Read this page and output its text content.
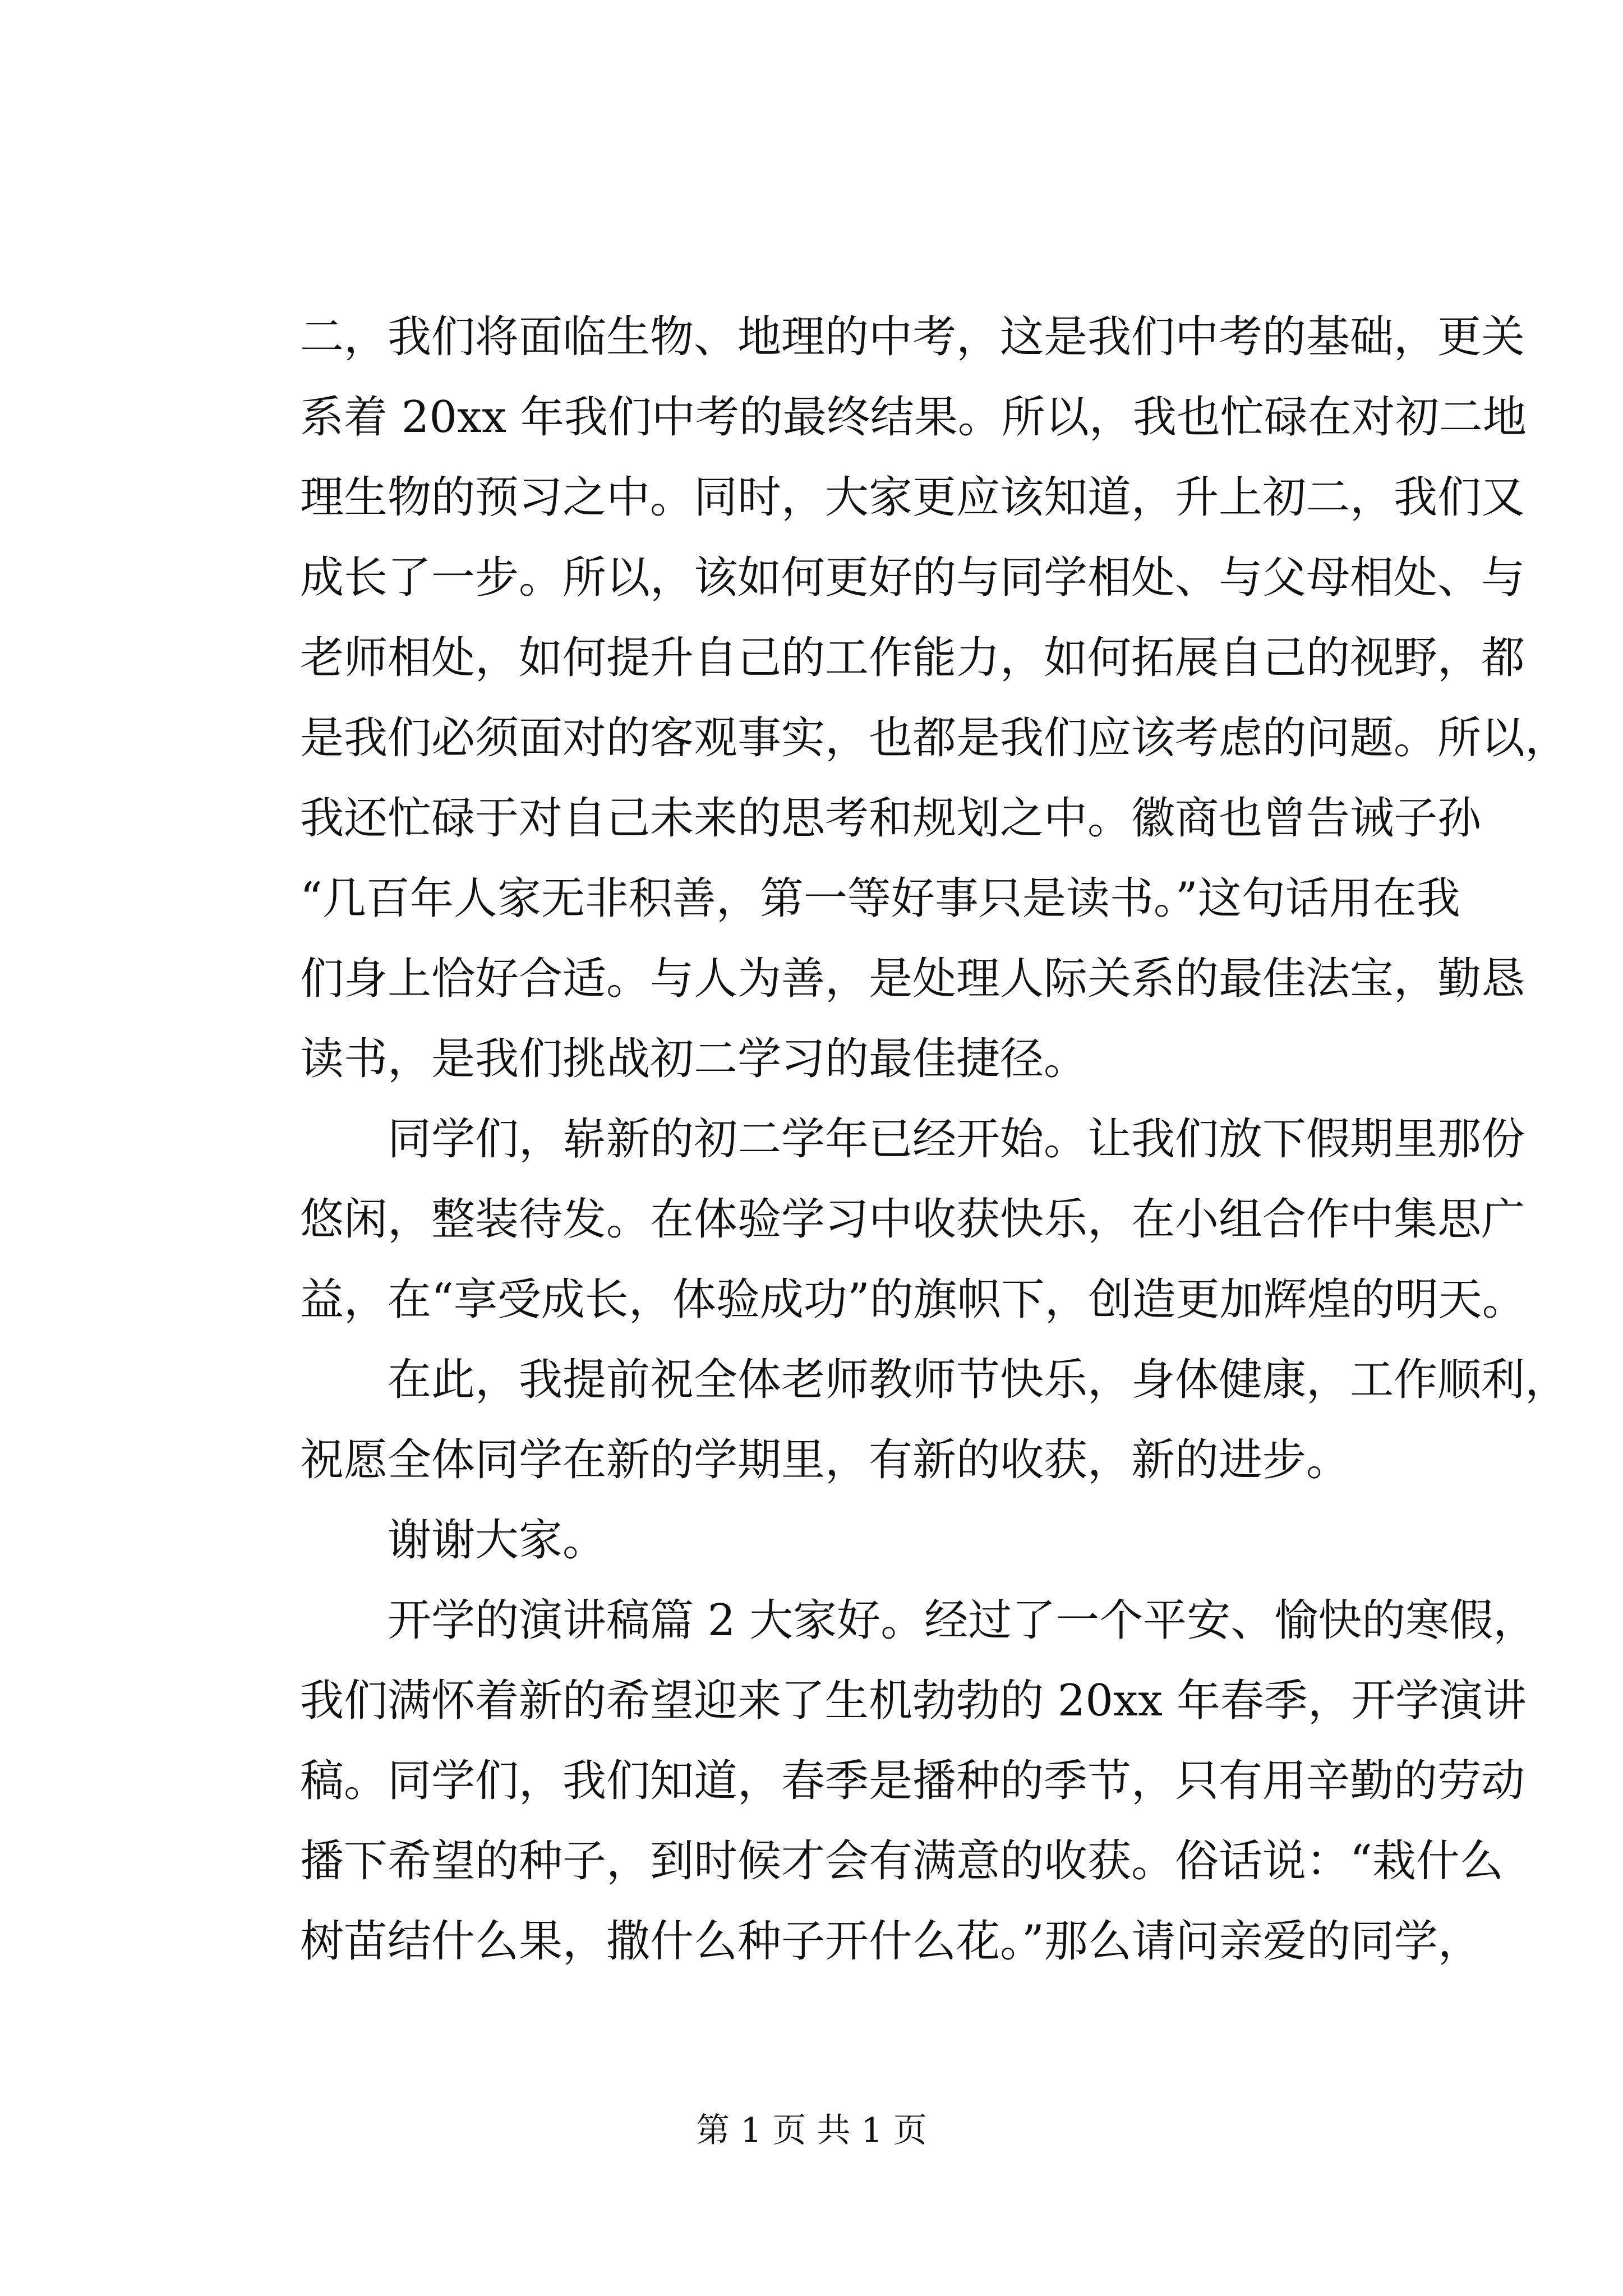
二，我们将面临生物、地理的中考，这是我们中考的基础，更关
系着 20xx 年我们中考的最终结果。所以，我也忙碌在对初二地
理生物的预习之中。同时，大家更应该知道，升上初二，我们又
成长了一步。所以，该如何更好的与同学相处、与父母相处、与
老师相处，如何提升自己的工作能力，如何拓展自己的视野，都
是我们必须面对的客观事实，也都是我们应该考虑的问题。所以，
我还忙碌于对自己未来的思考和规划之中。徽商也曾告诫子孙
“几百年人家无非积善，第一等好事只是读书。”这句话用在我
们身上恰好合适。与人为善，是处理人际关系的最佳法宝，勤恳
读书，是我们挑战初二学习的最佳捷径。
同学们，崭新的初二学年已经开始。让我们放下假期里那份
悠闲，整装待发。在体验学习中收获快乐，在小组合作中集思广
益，在“享受成长，体验成功”的旗帜下，创造更加辉煌的明天。
在此，我提前祝全体老师教师节快乐，身体健康，工作顺利，
祝愿全体同学在新的学期里，有新的收获，新的进步。
谢谢大家。
开学的演讲稿篇 2 大家好。经过了一个平安、愉快的寒假，
我们满怀着新的希望迎来了生机勃勃的 20xx 年春季，开学演讲
稿。同学们，我们知道，春季是播种的季节，只有用辛勤的劳动
播下希望的种子，到时候才会有满意的收获。俗话说：“栽什么
树苗结什么果，撒什么种子开什么花。”那么请问亲爱的同学，
第 1 页 共 1 页
